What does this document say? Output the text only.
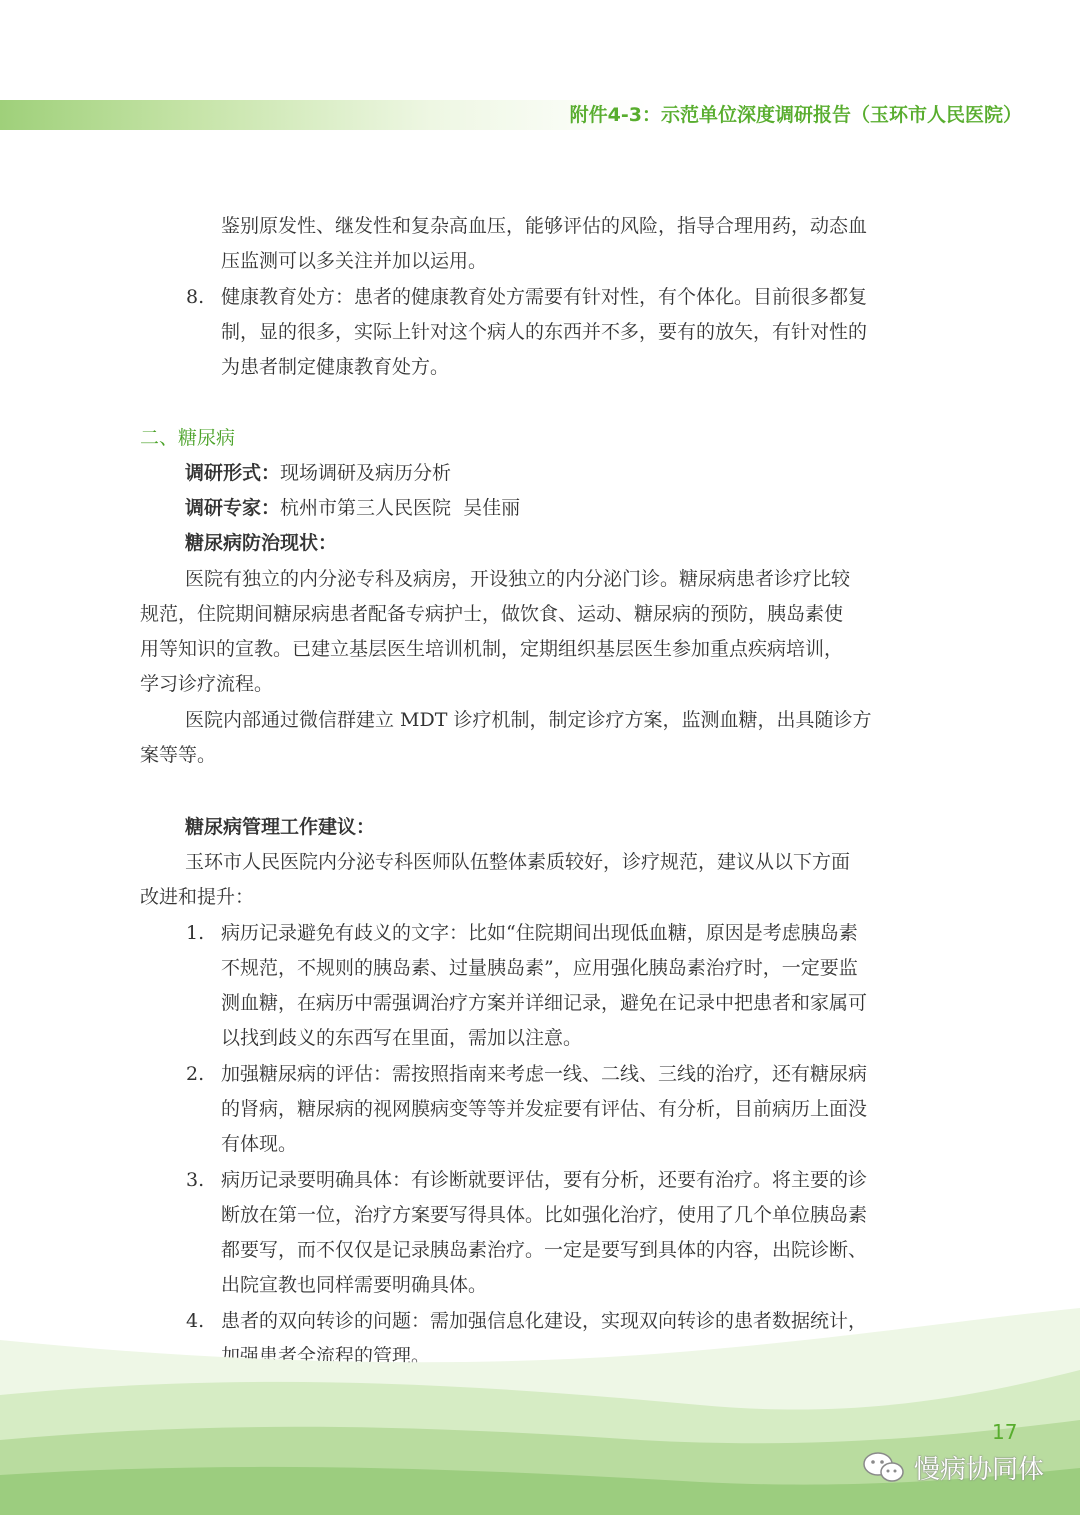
附件4-3：示范单位深度调研报告（玉环市人民医院）
鉴别原发性、继发性和复杂高血压，能够评估的风险，指导合理用药，动态血
压监测可以多关注并加以运用。
8. 健康教育处方：患者的健康教育处方需要有针对性，有个体化。目前很多都复
制，显的很多，实际上针对这个病人的东西并不多，要有的放矢，有针对性的
为患者制定健康教育处方。
二、糖尿病
调研形式：现场调研及病历分析
调研专家：杭州市第三人民医院  吴佳丽
糖尿病防治现状：
医院有独立的内分泌专科及病房，开设独立的内分泌门诊。糖尿病患者诊疗比较
规范，住院期间糖尿病患者配备专病护士，做饮食、运动、糖尿病的预防，胰岛素使
用等知识的宣教。已建立基层医生培训机制，定期组织基层医生参加重点疾病培训，
学习诊疗流程。
医院内部通过微信群建立 MDT 诊疗机制，制定诊疗方案，监测血糖，出具随诊方
案等等。
糖尿病管理工作建议：
玉环市人民医院内分泌专科医师队伍整体素质较好，诊疗规范，建议从以下方面
改进和提升：
1. 病历记录避免有歧义的文字：比如“住院期间出现低血糖，原因是考虑胰岛素
不规范，不规则的胰岛素、过量胰岛素”，应用强化胰岛素治疗时，一定要监
测血糖，在病历中需强调治疗方案并详细记录，避免在记录中把患者和家属可
以找到歧义的东西写在里面，需加以注意。
2. 加强糖尿病的评估：需按照指南来考虑一线、二线、三线的治疗，还有糖尿病
的肾病，糖尿病的视网膜病变等等并发症要有评估、有分析，目前病历上面没
有体现。
3. 病历记录要明确具体：有诊断就要评估，要有分析，还要有治疗。将主要的诊
断放在第一位，治疗方案要写得具体。比如强化治疗，使用了几个单位胰岛素
都要写，而不仅仅是记录胰岛素治疗。一定是要写到具体的内容，出院诊断、
出院宣教也同样需要明确具体。
4. 患者的双向转诊的问题：需加强信息化建设，实现双向转诊的患者数据统计，
加强患者全流程的管理。
17
慢病协同体
